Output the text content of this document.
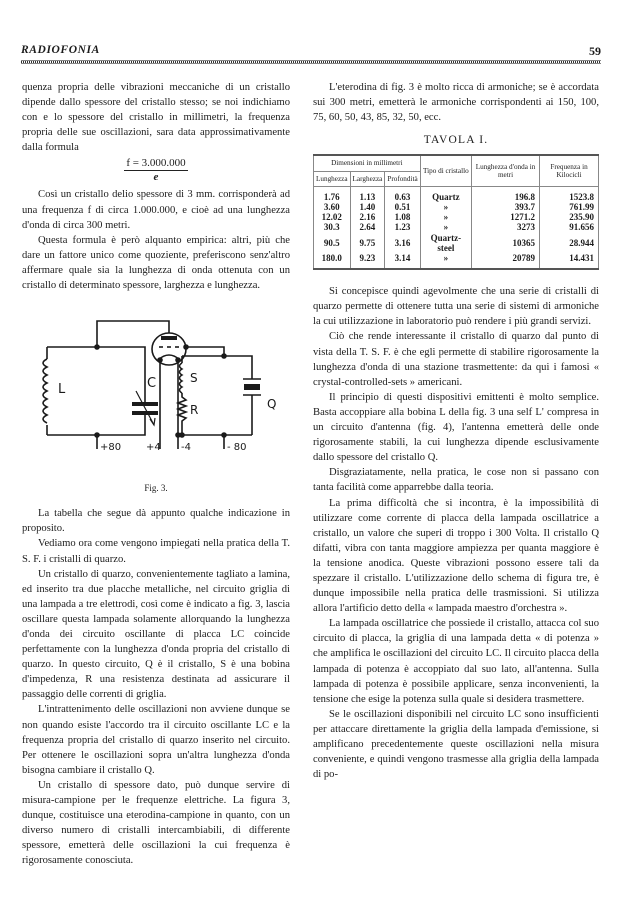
RADIOFONIA	59

quenza propria delle vibrazioni meccaniche di un cristallo dipende dallo spessore del cristallo stesso; se noi indichiamo con e lo spessore del cristallo in millimetri, la frequenza propria delle sue oscillazioni, sara data approssimativamente dalla formula

f = 3.000.000
e

Così un cristallo delio spessore di 3 mm. corrisponderà ad una frequenza f di circa 1.000.000, e cioè ad una lunghezza d'onda di circa 300 metri.

Questa formula è però alquanto empirica: altri, più che dare un fattore unico come quoziente, preferiscono senz'altro affermare quale sia la lunghezza di onda ottenuta con un cristallo di determinato spessore, larghezza e lunghezza.

L	C	S
R	Q
+80 +4 -4	- 80
Fig. 3.

La tabella che segue dà appunto qualche indicazione in proposito.

Vediamo ora come vengono impiegati nella pratica della T. S. F. i cristalli di quarzo.

Un cristallo di quarzo, convenientemente tagliato a lamina, ed inserito tra due placche metalliche, nel circuito griglia di una lampada a tre elettrodi, così come è indicato a fig. 3, lascia oscillare questa lampada solamente allorquando la lunghezza d'onda dei circuito oscillante di placca LC coincide perfettamente con la lunghezza d'onda propria del cristallo di quarzo. In questo circuito, Q è il cristallo, S è una bobina d'impedenza, R una resistenza destinata ad assicurare il passaggio delle correnti di griglia.

L'intrattenimento delle oscillazioni non avviene dunque se non quando esiste l'accordo tra il circuito oscillante LC e la frequenza propria del cristallo di quarzo inserito nel circuito. Per ottenere le oscillazioni sopra un'altra lunghezza d'onda bisogna cambiare il cristallo Q.

Un cristallo di spessore dato, può dunque servire di misura-campione per le frequenze elettriche. La figura 3, dunque, costituisce una eterodina-campione in quanto, con un diverso numero di cristalli intercambiabili, di differente spessore, emetterà delle oscillazioni la cui frequenza è rigorosamente conosciuta.

L'eterodina di fig. 3 è molto ricca di armoniche; se è accordata sui 300 metri, emetterà le armoniche corrispondenti ai 150, 100, 75, 60, 50, 43, 85, 32, 50, ecc.

TAVOLA I.
Dimensioni in millimetri			Tipo di cristallo	Lunghezza d'onda in metri	Frequenza in Kilocicli
Lunghezza	Larghezza	Profondità			
1.76	1.13	0.63	Quartz	196.8	1523.8
3.60	1.40	0.51	»	393.7	761.99
12.02	2.16	1.08	»	1271.2	235.90
30.3	2.64	1.23	»	3273	91.656
90.5	9.75	3.16	Quartz-steel	10365	28.944
180.0	9.23	3.14	»	20789	14.431

Si concepisce quindi agevolmente che una serie di cristalli di quarzo permette di ottenere tutta una serie di sistemi di armoniche la cui utilizzazione in laboratorio può rendere i più grandi servizi.

Ciò che rende interessante il cristallo di quarzo dal punto di vista della T. S. F. è che egli permette di stabilire rigorosamente la lunghezza d'onda di una stazione trasmettente: da qui i famosi « crystal-controlled-sets » americani.

Il principio di questi dispositivi emittenti è molto semplice. Basta accoppiare alla bobina L della fig. 3 una self L' compresa in un circuito d'antenna (fig. 4), l'antenna emetterà delle onde rigorosamente stabili, la cui lunghezza dipende esclusivamente dallo spessore del cristallo Q.

Disgraziatamente, nella pratica, le cose non si passano con tanta facilità come apparrebbe dalla teoria.

La prima difficoltà che si incontra, è la impossibilità di utilizzare come corrente di placca della lampada oscillatrice a cristallo, un valore che superi di troppo i 300 Volta. Il cristallo Q difatti, vibra con tanta maggiore ampiezza per quanta maggiore è la tensione anodica. Queste vibrazioni possono essere tali da spezzare il cristallo. L'utilizzazione dello schema di figura tre, è dunque impossibile nella pratica delle trasmissioni. Si utilizza allora l'artificio detto della « lampada maestro d'orchestra ».

La lampada oscillatrice che possiede il cristallo, attacca col suo circuito di placca, la griglia di una lampada detta « di potenza » che amplifica le oscillazioni del circuito LC. Il circuito placca della lampada di potenza è accoppiato dal suo lato, all'antenna. Sulla lampada di potenza è possibile applicare, senza inconvenienti, la tensione che esige la potenza sulla quale si desidera trasmettere.

Se le oscillazioni disponibili nel circuito LC sono insufficienti per attaccare direttamente la griglia della lampada d'emissione, si amplificano precedentemente queste oscillazioni nella misura conveniente, e quindi vengono trasmesse alla griglia della lampada di po-
